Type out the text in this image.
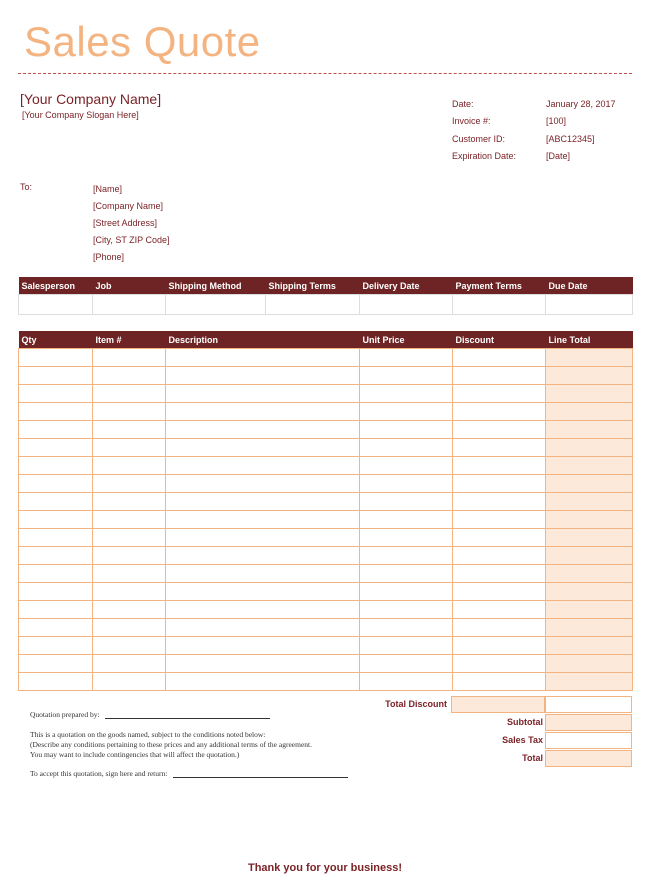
Sales Quote
[Your Company Name]
[Your Company Slogan Here]
Date:	January 28, 2017
Invoice #:	[100]
Customer ID:	[ABC12345]
Expiration Date:	[Date]
To:	[Name]
[Company Name]
[Street Address]
[City, ST ZIP Code]
[Phone]
Salesperson	Job	Shipping Method	Shipping Terms	Delivery Date	Payment Terms	Due Date

Qty	Item #	Description	Unit Price	Discount	Line Total

Total Discount
Subtotal
Sales Tax
Total
Quotation prepared by:
This is a quotation on the goods named, subject to the conditions noted below:
(Describe any conditions pertaining to these prices and any additional terms of the agreement.
You may want to include contingencies that will affect the quotation.)
To accept this quotation, sign here and return:
Thank you for your business!
